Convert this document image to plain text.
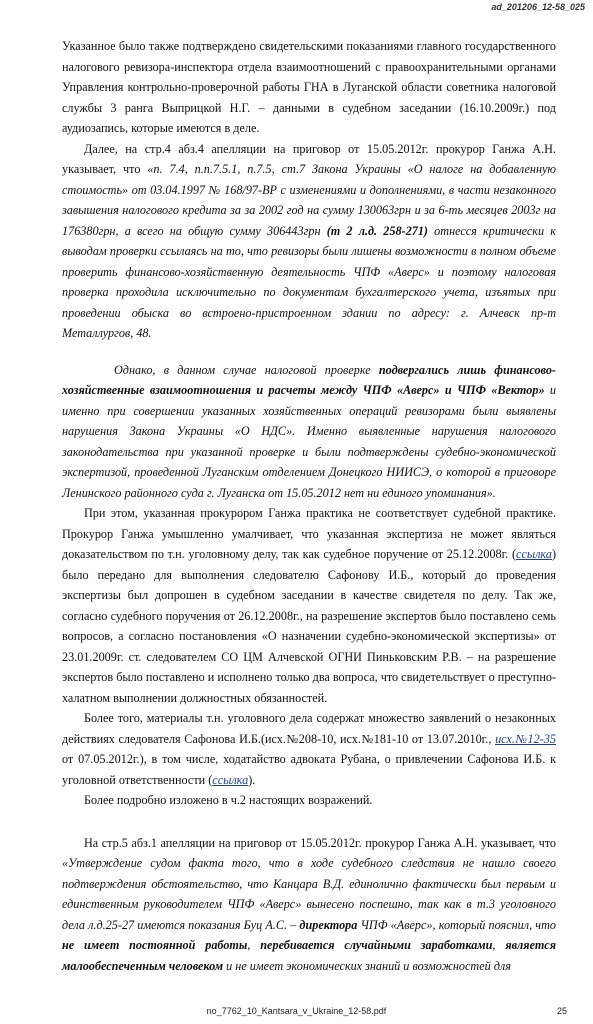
ad_201206_12-58_025

Указанное было также подтверждено свидетельскими показаниями главного государственного налогового ревизора-инспектора отдела взаимоотношений с правоохранительными органами Управления контрольно-проверочной работы ГНА в Луганской области советника налоговой службы 3 ранга Выприцкой Н.Г. – данными в судебном заседании (16.10.2009г.) под аудиозапись, которые имеются в деле.

Далее, на стр.4 абз.4 апелляции на приговор от 15.05.2012г. прокурор Ганжа А.Н. указывает, что «п. 7.4, п.п.7.5.1, п.7.5, ст.7 Закона Украины «О налоге на добавленную стоимость» от 03.04.1997 № 168/97-ВР с изменениями и дополнениями, в части незаконного завышения налогового кредита за за 2002 год на сумму 130063грн и за 6-ть месяцев 2003г на 176380грн, а всего на общую сумму 306443грн (т 2 л.д. 258-271) отнесся критически к выводам проверки ссылаясь на то, что ревизоры были лишены возможности в полном объеме проверить финансово-хозяйственную деятельность ЧПФ «Аверс» и поэтому налоговая проверка проходила исключительно по документам бухгалтерского учета, изъятых при проведении обыска во встроено-пристроенном здании по адресу: г. Алчевск пр-т Металлургов, 48.

Однако, в данном случае налоговой проверке подвергались лишь финансово-хозяйственные взаимоотношения и расчеты между ЧПФ «Аверс» и ЧПФ «Вектор» и именно при совершении указанных хозяйственных операций ревизорами были выявлены нарушения Закона Украины «О НДС». Именно выявленные нарушения налогового законодательства при указанной проверке и были подтверждены судебно-экономической экспертизой, проведенной Луганским отделением Донецкого НИИСЭ, о которой в приговоре Ленинского районного суда г. Луганска от 15.05.2012 нет ни единого упоминания».

При этом, указанная прокурором Ганжа практика не соответствует судебной практике. Прокурор Ганжа умышленно умалчивает, что указанная экспертиза не может являться доказательством по т.н. уголовному делу, так как судебное поручение от 25.12.2008г. (ссылка) было передано для выполнения следователю Сафонову И.Б., который до проведения экспертизы был допрошен в судебном заседании в качестве свидетеля по делу. Так же, согласно судебного поручения от 26.12.2008г., на разрешение экспертов было поставлено семь вопросов, а согласно постановления «О назначении судебно-экономической экспертизы» от 23.01.2009г. ст. следователем СО ЦМ Алчевской ОГНИ Пиньковским Р.В. – на разрешение экспертов было поставлено и исполнено только два вопроса, что свидетельствует о преступно-халатном выполнении должностных обязанностей.

Более того, материалы т.н. уголовного дела содержат множество заявлений о незаконных действиях следователя Сафонова И.Б.(исх.№208-10, исх.№181-10 от 13.07.2010г., исх.№12-35 от 07.05.2012г.), в том числе, ходатайство адвоката Рубана, о привлечении Сафонова И.Б. к уголовной ответственности (ссылка).

Более подробно изложено в ч.2 настоящих возражений.

На стр.5 абз.1 апелляции на приговор от 15.05.2012г. прокурор Ганжа А.Н. указывает, что «Утверждение судом факта того, что в ходе судебного следствия не нашло своего подтверждения обстоятельство, что Канцара В.Д. единолично фактически был первым и единственным руководителем ЧПФ «Аверс» вынесено поспешно, так как в т.3 уголовного дела л.д.25-27 имеются показания Буц А.С. – директора ЧПФ «Аверс», который пояснил, что не имеет постоянной работы, перебивается случайными заработками, является малообеспеченным человеком и не имеет экономических знаний и возможностей для

no_7762_10_Kantsara_v_Ukraine_12-58.pdf	25
